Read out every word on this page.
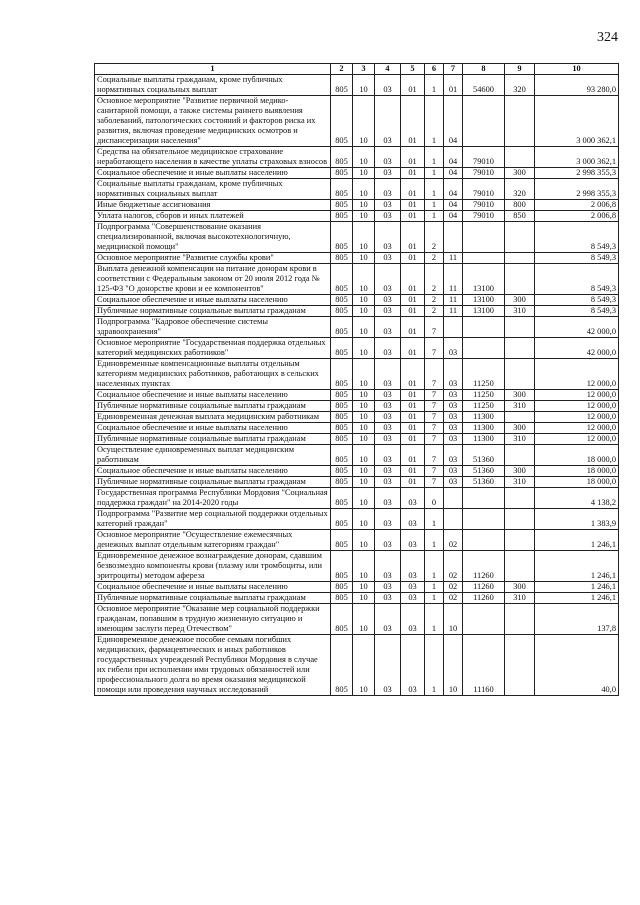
324
1	2	3	4	5	6	7	8	9	10
Социальные выплаты гражданам, кроме публичных нормативных социальных выплат	805	10	03	01	1	01	54600	320	93 280,0
Основное мероприятие "Развитие первичной медико-санитарной помощи, а также системы раннего выявления заболеваний, патологических состояний и факторов риска их развития, включая проведение медицинских осмотров и диспансеризации населения"	805	10	03	01	1	04			3 000 362,1
Средства на обязательное медицинское страхование неработающего населения в качестве уплаты страховых взносов	805	10	03	01	1	04	79010		3 000 362,1
Социальное обеспечение и иные выплаты населению	805	10	03	01	1	04	79010	300	2 998 355,3
Социальные выплаты гражданам, кроме публичных нормативных социальных выплат	805	10	03	01	1	04	79010	320	2 998 355,3
Иные бюджетные ассигнования	805	10	03	01	1	04	79010	800	2 006,8
Уплата налогов, сборов и иных платежей	805	10	03	01	1	04	79010	850	2 006,8
Подпрограмма "Совершенствование оказания специализированной, включая высокотехнологичную, медицинской помощи"	805	10	03	01	2				8 549,3
Основное мероприятие "Развитие службы крови"	805	10	03	01	2	11			8 549,3
Выплата денежной компенсации на питание донорам крови в соответствии с Федеральным законом от 20 июля 2012 года № 125-ФЗ "О донорстве крови и ее компонентов"	805	10	03	01	2	11	13100		8 549,3
Социальное обеспечение и иные выплаты населению	805	10	03	01	2	11	13100	300	8 549,3
Публичные нормативные социальные выплаты гражданам	805	10	03	01	2	11	13100	310	8 549,3
Подпрограмма "Кадровое обеспечение системы здравоохранения"	805	10	03	01	7				42 000,0
Основное мероприятие "Государственная поддержка отдельных категорий медицинских работников"	805	10	03	01	7	03			42 000,0
Единовременные компенсационные выплаты отдельным категориям медицинских работников, работающих в сельских населенных пунктах	805	10	03	01	7	03	11250		12 000,0
Социальное обеспечение и иные выплаты населению	805	10	03	01	7	03	11250	300	12 000,0
Публичные нормативные социальные выплаты гражданам	805	10	03	01	7	03	11250	310	12 000,0
Единовременная денежная выплата медицинским работникам	805	10	03	01	7	03	11300		12 000,0
Социальное обеспечение и иные выплаты населению	805	10	03	01	7	03	11300	300	12 000,0
Публичные нормативные социальные выплаты гражданам	805	10	03	01	7	03	11300	310	12 000,0
Осуществление единовременных выплат медицинским работникам	805	10	03	01	7	03	51360		18 000,0
Социальное обеспечение и иные выплаты населению	805	10	03	01	7	03	51360	300	18 000,0
Публичные нормативные социальные выплаты гражданам	805	10	03	01	7	03	51360	310	18 000,0
Государственная программа Республики Мордовия "Социальная поддержка граждан" на 2014-2020 годы	805	10	03	03	0				4 138,2
Подпрограмма "Развитие мер социальной поддержки отдельных категорий граждан"	805	10	03	03	1				1 383,9
Основное мероприятие "Осуществление ежемесячных денежных выплат отдельным категориям граждан"	805	10	03	03	1	02			1 246,1
Единовременное денежное вознаграждение донорам, сдавшим безвозмездно компоненты крови (плазму или тромбоциты, или эритроциты) методом афереза	805	10	03	03	1	02	11260		1 246,1
Социальное обеспечение и иные выплаты населению	805	10	03	03	1	02	11260	300	1 246,1
Публичные нормативные социальные выплаты гражданам	805	10	03	03	1	02	11260	310	1 246,1
Основное мероприятие "Оказание мер социальной поддержки гражданам, попавшим в трудную жизненную ситуацию и имеющим заслуги перед Отечеством"	805	10	03	03	1	10			137,8
Единовременное денежное пособие семьям погибших медицинских, фармацевтических и иных работников государственных учреждений Республики Мордовия в случае их гибели при исполнении ими трудовых обязанностей или профессионального долга во время оказания медицинской помощи или проведения научных исследований	805	10	03	03	1	10	11160		40,0
